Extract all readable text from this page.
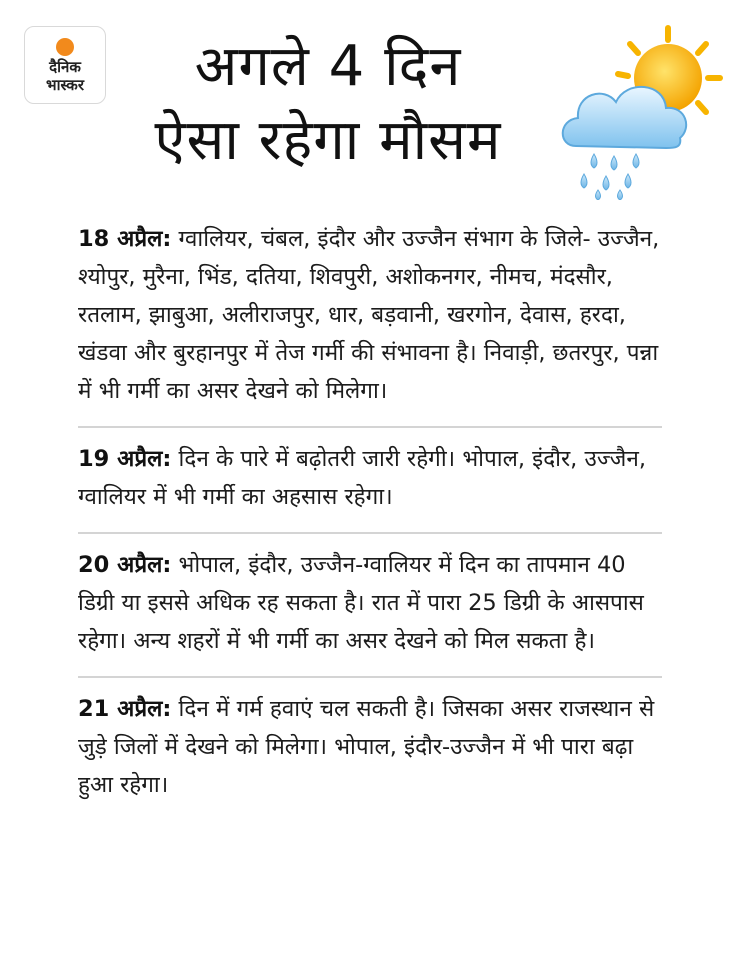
दैनिक
भास्कर	अगले 4 दिन
ऐसा रहेगा मौसम

18 अप्रैल: ग्वालियर, चंबल, इंदौर और उज्जैन संभाग के जिले- उज्जैन, श्योपुर, मुरैना, भिंड, दतिया, शिवपुरी, अशोकनगर, नीमच, मंदसौर, रतलाम, झाबुआ, अलीराजपुर, धार, बड़वानी, खरगोन, देवास, हरदा, खंडवा और बुरहानपुर में तेज गर्मी की संभावना है। निवाड़ी, छतरपुर, पन्ना में भी गर्मी का असर देखने को मिलेगा।

19 अप्रैल: दिन के पारे में बढ़ोतरी जारी रहेगी। भोपाल, इंदौर, उज्जैन, ग्वालियर में भी गर्मी का अहसास रहेगा।

20 अप्रैल: भोपाल, इंदौर, उज्जैन-ग्वालियर में दिन का तापमान 40 डिग्री या इससे अधिक रह सकता है। रात में पारा 25 डिग्री के आसपास रहेगा। अन्य शहरों में भी गर्मी का असर देखने को मिल सकता है।

21 अप्रैल: दिन में गर्म हवाएं चल सकती है। जिसका असर राजस्थान से जुड़े जिलों में देखने को मिलेगा। भोपाल, इंदौर-उज्जैन में भी पारा बढ़ा हुआ रहेगा।
